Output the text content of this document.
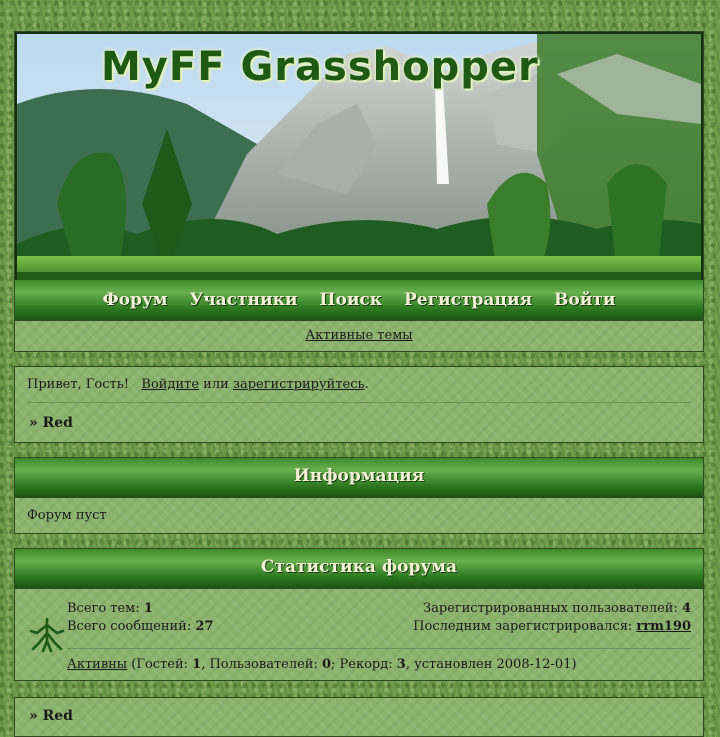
MyFF Grasshopper
Форум Участники Поиск Регистрация Войти
Активные темы
Привет, Гость! Войдите или зарегистрируйтесь.
» Red
Информация
Форум пуст
Статистика форума
Всего тем: 1
Всего сообщений: 27
Зарегистрированных пользователей: 4
Последним зарегистрировался: rrm190
Активны (Гостей: 1, Пользователей: 0; Рекорд: 3, установлен 2008-12-01)
» Red
